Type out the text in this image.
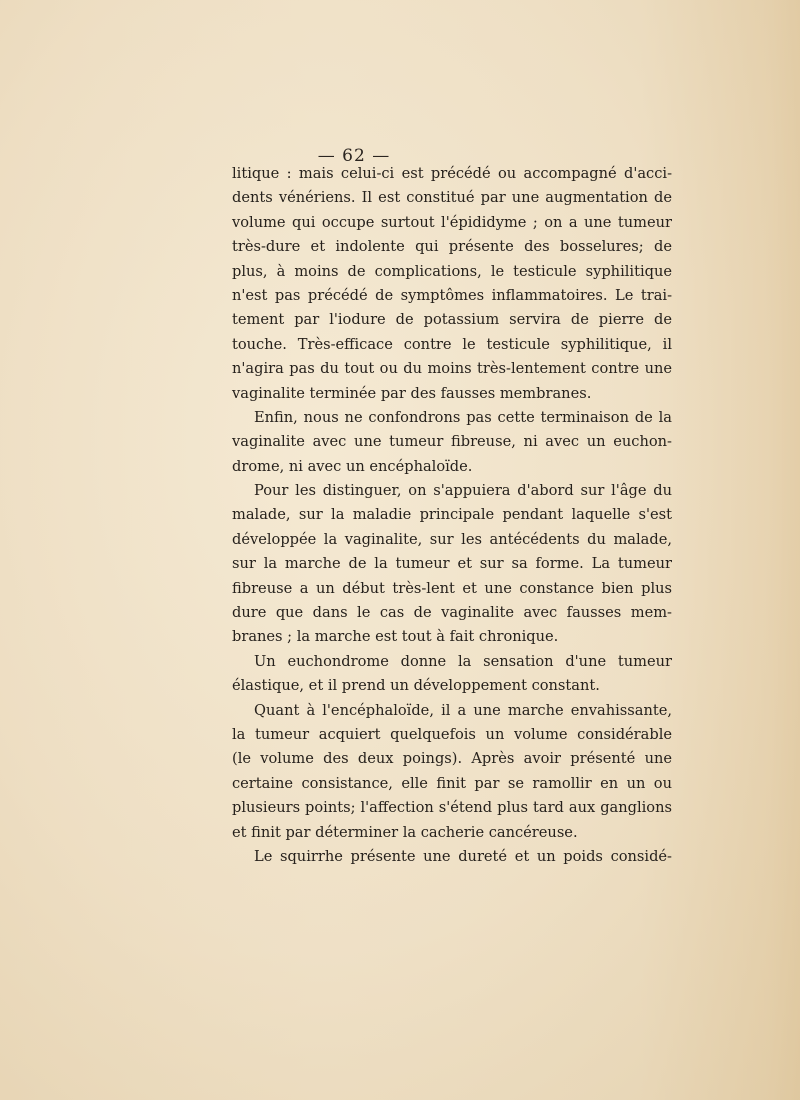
— 62 —

litique : mais celui-ci est précédé ou accompagné d'acci-
dents vénériens. Il est constitué par une augmentation de
volume qui occupe surtout l'épididyme ; on a une tumeur
très-dure et indolente qui présente des bosselures; de
plus, à moins de complications, le testicule syphilitique
n'est pas précédé de symptômes inflammatoires. Le trai-
tement par l'iodure de potassium servira de pierre de
touche. Très-efficace contre le testicule syphilitique, il
n'agira pas du tout ou du moins très-lentement contre une
vaginalite terminée par des fausses membranes.

Enfin, nous ne confondrons pas cette terminaison de la
vaginalite avec une tumeur fibreuse, ni avec un euchon-
drome, ni avec un encéphaloïde.

Pour les distinguer, on s'appuiera d'abord sur l'âge du
malade, sur la maladie principale pendant laquelle s'est
développée la vaginalite, sur les antécédents du malade,
sur la marche de la tumeur et sur sa forme. La tumeur
fibreuse a un début très-lent et une constance bien plus
dure que dans le cas de vaginalite avec fausses mem-
branes ; la marche est tout à fait chronique.

Un euchondrome donne la sensation d'une tumeur
élastique, et il prend un développement constant.

Quant à l'encéphaloïde, il a une marche envahissante,
la tumeur acquiert quelquefois un volume considérable
(le volume des deux poings). Après avoir présenté une
certaine consistance, elle finit par se ramollir en un ou
plusieurs points; l'affection s'étend plus tard aux ganglions
et finit par déterminer la cacherie cancéreuse.

Le squirrhe présente une dureté et un poids considé-
